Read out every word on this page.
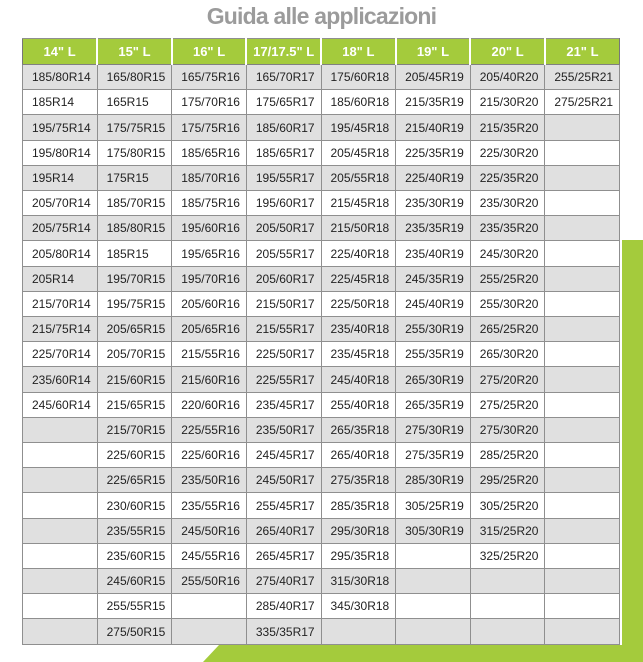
Guida alle applicazioni
14" L	15" L	16" L	17/17.5" L	18" L	19" L	20" L	21" L
185/80R14	165/80R15	165/75R16	165/70R17	175/60R18	205/45R19	205/40R20	255/25R21
185R14	165R15	175/70R16	175/65R17	185/60R18	215/35R19	215/30R20	275/25R21
195/75R14	175/75R15	175/75R16	185/60R17	195/45R18	215/40R19	215/35R20	
195/80R14	175/80R15	185/65R16	185/65R17	205/45R18	225/35R19	225/30R20	
195R14	175R15	185/70R16	195/55R17	205/55R18	225/40R19	225/35R20	
205/70R14	185/70R15	185/75R16	195/60R17	215/45R18	235/30R19	235/30R20	
205/75R14	185/80R15	195/60R16	205/50R17	215/50R18	235/35R19	235/35R20	
205/80R14	185R15	195/65R16	205/55R17	225/40R18	235/40R19	245/30R20	
205R14	195/70R15	195/70R16	205/60R17	225/45R18	245/35R19	255/25R20	
215/70R14	195/75R15	205/60R16	215/50R17	225/50R18	245/40R19	255/30R20	
215/75R14	205/65R15	205/65R16	215/55R17	235/40R18	255/30R19	265/25R20	
225/70R14	205/70R15	215/55R16	225/50R17	235/45R18	255/35R19	265/30R20	
235/60R14	215/60R15	215/60R16	225/55R17	245/40R18	265/30R19	275/20R20	
245/60R14	215/65R15	220/60R16	235/45R17	255/40R18	265/35R19	275/25R20	
	215/70R15	225/55R16	235/50R17	265/35R18	275/30R19	275/30R20	
	225/60R15	225/60R16	245/45R17	265/40R18	275/35R19	285/25R20	
	225/65R15	235/50R16	245/50R17	275/35R18	285/30R19	295/25R20	
	230/60R15	235/55R16	255/45R17	285/35R18	305/25R19	305/25R20	
	235/55R15	245/50R16	265/40R17	295/30R18	305/30R19	315/25R20	
	235/60R15	245/55R16	265/45R17	295/35R18		325/25R20	
	245/60R15	255/50R16	275/40R17	315/30R18			
	255/55R15		285/40R17	345/30R18			
	275/50R15		335/35R17				
